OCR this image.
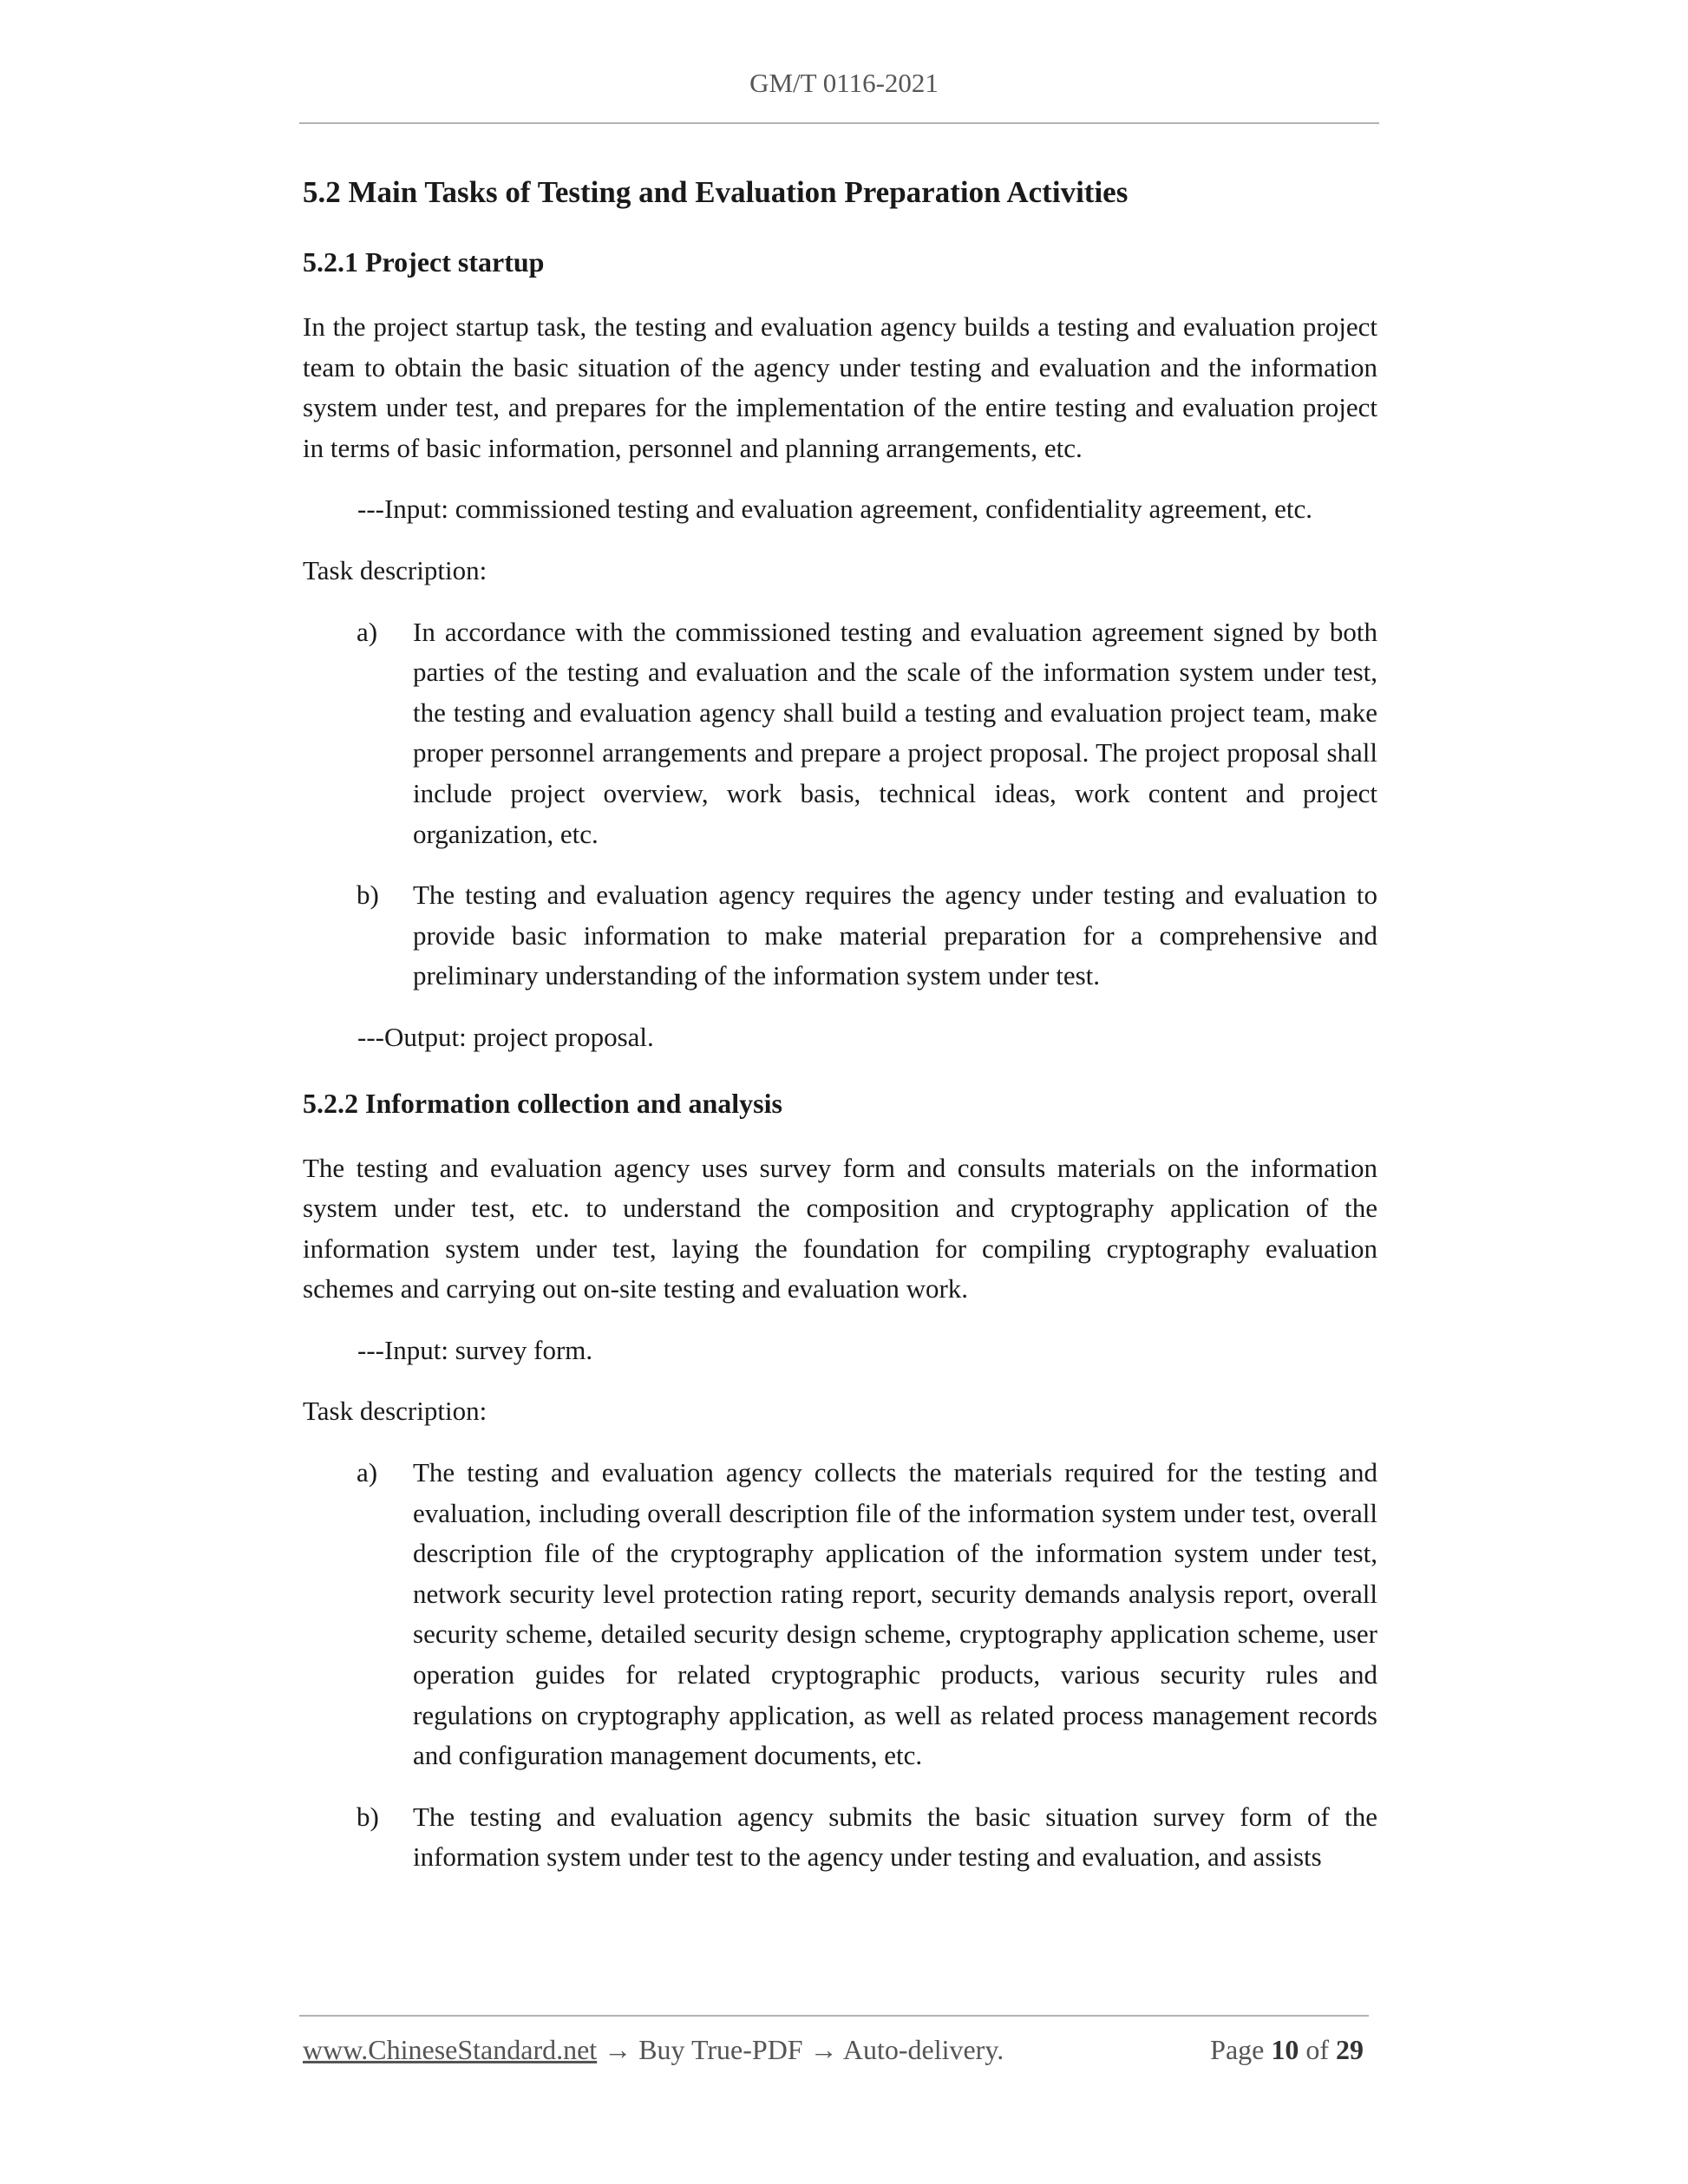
GM/T 0116-2021
5.2 Main Tasks of Testing and Evaluation Preparation Activities
5.2.1 Project startup

In the project startup task, the testing and evaluation agency builds a testing and evaluation project team to obtain the basic situation of the agency under testing and evaluation and the information system under test, and prepares for the implementation of the entire testing and evaluation project in terms of basic information, personnel and planning arrangements, etc.

---Input: commissioned testing and evaluation agreement, confidentiality agreement, etc.

Task description:

a) In accordance with the commissioned testing and evaluation agreement signed by both parties of the testing and evaluation and the scale of the information system under test, the testing and evaluation agency shall build a testing and evaluation project team, make proper personnel arrangements and prepare a project proposal. The project proposal shall include project overview, work basis, technical ideas, work content and project organization, etc.
b) The testing and evaluation agency requires the agency under testing and evaluation to provide basic information to make material preparation for a comprehensive and preliminary understanding of the information system under test.

---Output: project proposal.

5.2.2 Information collection and analysis

The testing and evaluation agency uses survey form and consults materials on the information system under test, etc. to understand the composition and cryptography application of the information system under test, laying the foundation for compiling cryptography evaluation schemes and carrying out on-site testing and evaluation work.

---Input: survey form.

Task description:

a) The testing and evaluation agency collects the materials required for the testing and evaluation, including overall description file of the information system under test, overall description file of the cryptography application of the information system under test, network security level protection rating report, security demands analysis report, overall security scheme, detailed security design scheme, cryptography application scheme, user operation guides for related cryptographic products, various security rules and regulations on cryptography application, as well as related process management records and configuration management documents, etc.
b) The testing and evaluation agency submits the basic situation survey form of the information system under test to the agency under testing and evaluation, and assists
www.ChineseStandard.net → Buy True-PDF → Auto-delivery.	Page 10 of 29
